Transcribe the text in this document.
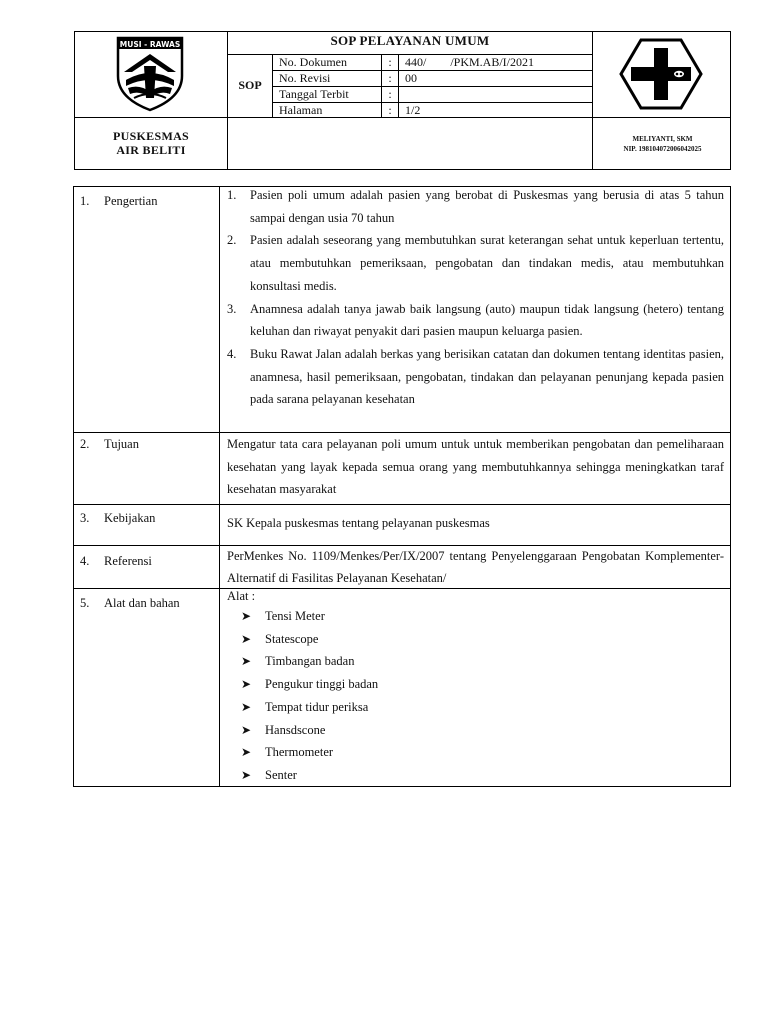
MUSI - RAWAS	SOP PELAYANAN UMUM
SOP
No. Dokumen	:	440/        /PKM.AB/I/2021
No. Revisi	:	00
Tanggal Terbit	:
Halaman	:	1/2
PUSKESMAS
AIR BELITI
MELIYANTI, SKM
NIP. 198104072006042025
1. Pengertian	1. Pasien poli umum adalah pasien yang berobat di Puskesmas yang berusia di atas 5 tahun sampai dengan usia 70 tahun
2. Pasien adalah seseorang yang membutuhkan surat keterangan sehat untuk keperluan tertentu, atau membutuhkan pemeriksaan, pengobatan dan tindakan medis, atau membutuhkan konsultasi medis.
3. Anamnesa adalah tanya jawab baik langsung (auto) maupun tidak langsung (hetero) tentang keluhan dan riwayat penyakit dari pasien maupun keluarga pasien.
4. Buku Rawat Jalan adalah berkas yang berisikan catatan dan dokumen tentang identitas pasien, anamnesa, hasil pemeriksaan, pengobatan, tindakan dan pelayanan penunjang kepada pasien pada sarana pelayanan kesehatan
2. Tujuan	Mengatur tata cara pelayanan poli umum untuk untuk memberikan pengobatan dan pemeliharaan kesehatan yang layak kepada semua orang yang membutuhkannya sehingga meningkatkan taraf kesehatan masyarakat
3. Kebijakan	SK Kepala puskesmas tentang pelayanan puskesmas
4. Referensi	PerMenkes No. 1109/Menkes/Per/IX/2007 tentang Penyelenggaraan Pengobatan Komplementer-Alternatif di Fasilitas Pelayanan Kesehatan/
5. Alat dan bahan	Alat :
➤ Tensi Meter
➤ Statescope
➤ Timbangan badan
➤ Pengukur tinggi badan
➤ Tempat tidur periksa
➤ Hansdscone
➤ Thermometer
➤ Senter
